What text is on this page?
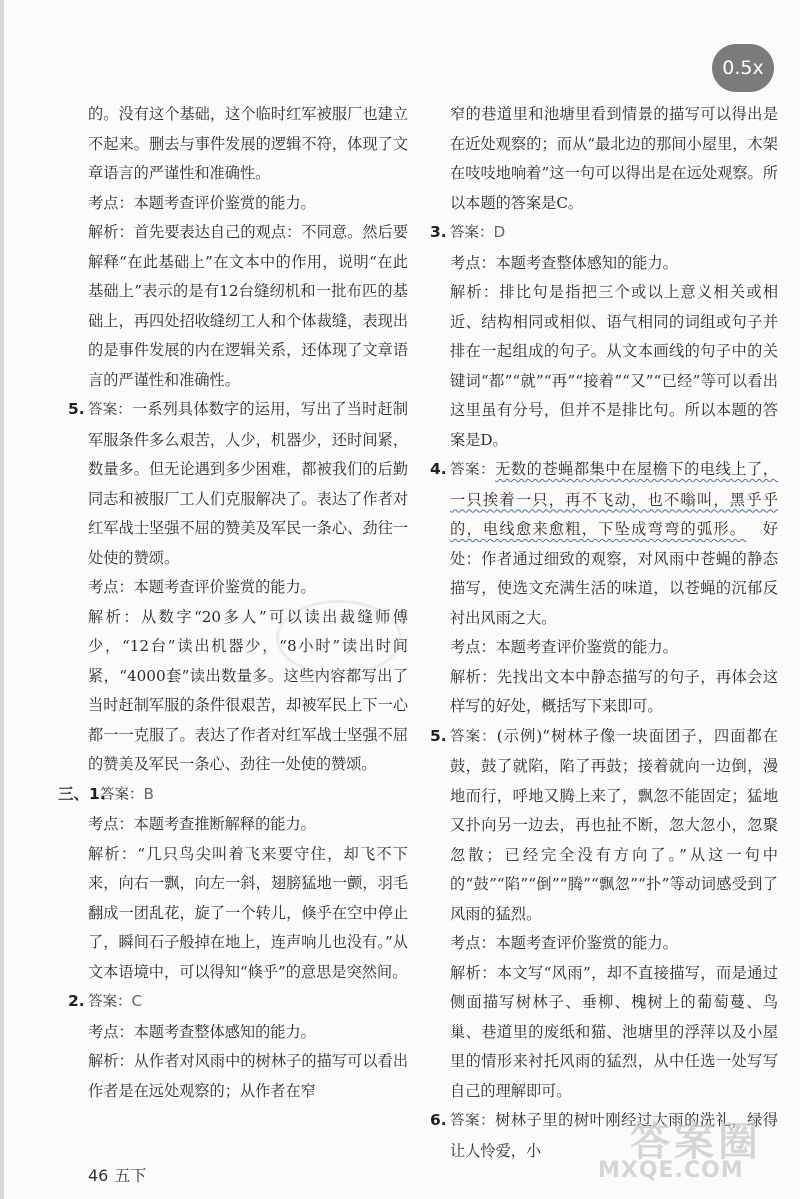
0.5x
的。没有这个基础，这个临时红军被服厂也建立不起来。删去与事件发展的逻辑不符，体现了文章语言的严谨性和准确性。
考点：本题考查评价鉴赏的能力。
解析：首先要表达自己的观点：不同意。然后要解释“在此基础上”在文本中的作用，说明“在此基础上”表示的是有12台缝纫机和一批布匹的基础上，再四处招收缝纫工人和个体裁缝，表现出的是事件发展的内在逻辑关系，还体现了文章语言的严谨性和准确性。
5. 答案：一系列具体数字的运用，写出了当时赶制军服条件多么艰苦，人少，机器少，还时间紧，数量多。但无论遇到多少困难，都被我们的后勤同志和被服厂工人们克服解决了。表达了作者对红军战士坚强不屈的赞美及军民一条心、劲往一处使的赞颂。
考点：本题考查评价鉴赏的能力。
解析：从数字“20多人”可以读出裁缝师傅少，“12台”读出机器少，“8小时”读出时间紧，“4000套”读出数量多。这些内容都写出了当时赶制军服的条件很艰苦，却被军民上下一心都一一克服了。表达了作者对红军战士坚强不屈的赞美及军民一条心、劲往一处使的赞颂。
三、1.
答案：B
考点：本题考查推断解释的能力。
解析：“几只鸟尖叫着飞来要守住，却飞不下来，向右一飘，向左一斜，翅膀猛地一颤，羽毛翻成一团乱花，旋了一个转儿，倏乎在空中停止了，瞬间石子般掉在地上，连声响儿也没有。”从文本语境中，可以得知“倏乎”的意思是突然间。
2. 答案：C
考点：本题考查整体感知的能力。
解析：从作者对风雨中的树林子的描写可以看出作者是在远处观察的；从作者在窄
窄的巷道里和池塘里看到情景的描写可以得出是在近处观察的；而从“最北边的那间小屋里，木架在吱吱地响着”这一句可以得出是在远处观察。所以本题的答案是C。
3. 答案：D
考点：本题考查整体感知的能力。
解析：排比句是指把三个或以上意义相关或相近、结构相同或相似、语气相同的词组或句子并排在一起组成的句子。从文本画线的句子中的关键词“都”“就”“再”“接着”“又”“已经”等可以看出这里虽有分号，但并不是排比句。所以本题的答案是D。
4. 答案：无数的苍蝇都集中在屋檐下的电线上了，一只挨着一只，再不飞动，也不嗡叫，黑乎乎的，电线愈来愈粗，下坠成弯弯的弧形。  好处：作者通过细致的观察，对风雨中苍蝇的静态描写，使选文充满生活的味道，以苍蝇的沉郁反衬出风雨之大。
考点：本题考查评价鉴赏的能力。
解析：先找出文本中静态描写的句子，再体会这样写的好处，概括写下来即可。
5. 答案：(示例)“树林子像一块面团子，四面都在鼓，鼓了就陷，陷了再鼓；接着就向一边倒，漫地而行，呼地又腾上来了，飘忽不能固定；猛地又扑向另一边去，再也扯不断，忽大忽小，忽聚忽散；已经完全没有方向了。”从这一句中的“鼓”“陷”“倒”“腾”“飘忽”“扑”等动词感受到了风雨的猛烈。
考点：本题考查评价鉴赏的能力。
解析：本文写“风雨”，却不直接描写，而是通过侧面描写树林子、垂柳、槐树上的葡萄蔓、鸟巢、巷道里的废纸和猫、池塘里的浮萍以及小屋里的情形来衬托风雨的猛烈，从中任选一处写写自己的理解即可。
6. 答案：树林子里的树叶刚经过大雨的洗礼，绿得让人怜爱，小
46 五下
答案圈
MXQE.COM
